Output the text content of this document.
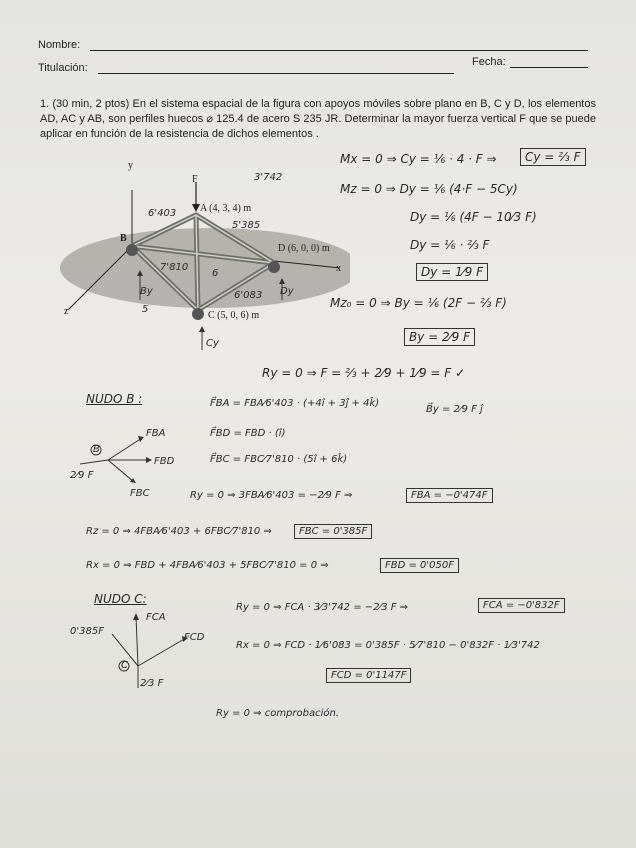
Nombre:
Titulación:	Fecha:
1. (30 min, 2 ptos) En el sistema espacial de la figura con apoyos móviles sobre plano en B, C y D, los elementos AD, AC y AB, son perfiles huecos ⌀ 125.4 de acero S 235 JR. Determinar la mayor fuerza vertical F que se puede aplicar en función de la resistencia de dichos elementos .
y
x
z
F
A (4, 3, 4) m
B
C (5, 0, 6) m
D (6, 0, 0) m
6'403
5'385
3'742
6'083
7'810
By	Dy
Cy
6
5
Mx = 0 ⇒ Cy = ⅙ · 4 · F ⇒	Cy = ⅔ F
Mz = 0 ⇒ Dy = ⅙ (4·F − 5Cy)
Dy = ⅙ (4F − 10⁄3 F)
Dy = ⅙ · ⅔ F
Dy = 1⁄9 F
Mz₀ = 0 ⇒ By = ⅙ (2F − ⅔ F)
By = 2⁄9 F
Ry = 0 ⇒ F = ⅔ + 2⁄9 + 1⁄9 = F ✓
NUDO B :	F⃗BA = FBA⁄6'403 · (+4î + 3ĵ + 4k̂)
B⃗y = 2⁄9 F ĵ
F⃗BD = FBD · (î)
F⃗BC = FBC⁄7'810 · (5î + 6k̂)
FBA
FBD
FBC
B
2⁄9 F
Ry = 0 ⇒ 3FBA⁄6'403 = −2⁄9 F ⇒	FBA = −0'474F
Rz = 0 ⇒ 4FBA⁄6'403 + 6FBC⁄7'810 ⇒	FBC = 0'385F
Rx = 0 ⇒ FBD + 4FBA⁄6'403 + 5FBC⁄7'810 = 0 ⇒	FBD = 0'050F
NUDO C:
FCA
FCD
0'385F
C
2⁄3 F
Ry = 0 ⇒ FCA · 3⁄3'742 = −2⁄3 F ⇒	FCA = −0'832F
Rx = 0 ⇒ FCD · 1⁄6'083 = 0'385F · 5⁄7'810 − 0'832F · 1⁄3'742
FCD = 0'1147F
Ry = 0 ⇒ comprobación.
